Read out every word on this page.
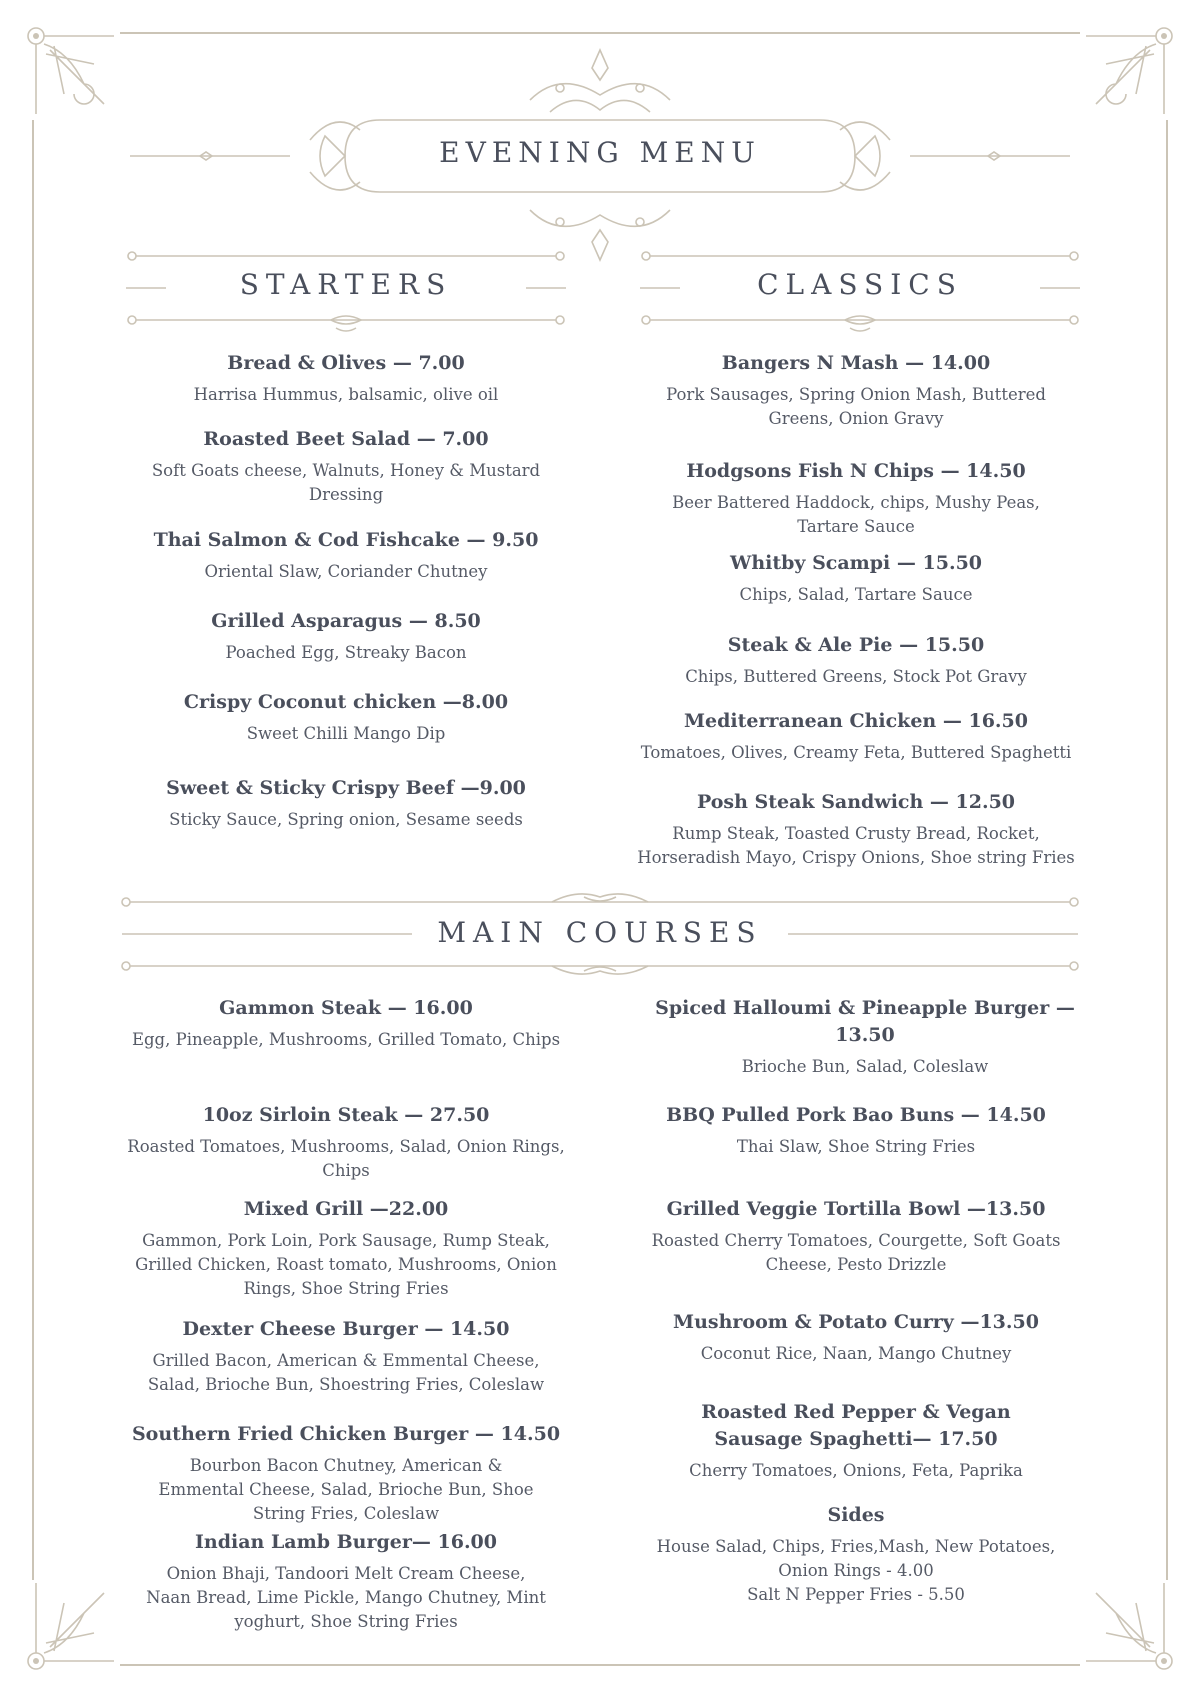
EVENING MENU
STARTERS	CLASSICS

Bread & Olives — 7.00

Harrisa Hummus, balsamic, olive oil

Roasted Beet Salad — 7.00

Soft Goats cheese, Walnuts, Honey & Mustard Dressing

Thai Salmon & Cod Fishcake — 9.50

Oriental Slaw, Coriander Chutney

Grilled Asparagus — 8.50

Poached Egg, Streaky Bacon

Crispy Coconut chicken —8.00

Sweet Chilli Mango Dip

Sweet & Sticky Crispy Beef —9.00

Sticky Sauce, Spring onion, Sesame seeds

Bangers N Mash — 14.00

Pork Sausages, Spring Onion Mash, Buttered Greens, Onion Gravy

Hodgsons Fish N Chips — 14.50

Beer Battered Haddock, chips, Mushy Peas, Tartare Sauce

Whitby Scampi — 15.50

Chips, Salad, Tartare Sauce

Steak & Ale Pie — 15.50

Chips, Buttered Greens, Stock Pot Gravy

Mediterranean Chicken — 16.50

Tomatoes, Olives, Creamy Feta, Buttered Spaghetti

Posh Steak Sandwich — 12.50

Rump Steak, Toasted Crusty Bread, Rocket, Horseradish Mayo, Crispy Onions, Shoe string Fries

MAIN COURSES

Gammon Steak — 16.00

Egg, Pineapple, Mushrooms, Grilled Tomato, Chips

10oz Sirloin Steak — 27.50

Roasted Tomatoes, Mushrooms, Salad, Onion Rings, Chips

Mixed Grill —22.00

Gammon, Pork Loin, Pork Sausage, Rump Steak, Grilled Chicken, Roast tomato, Mushrooms, Onion Rings, Shoe String Fries

Dexter Cheese Burger — 14.50

Grilled Bacon, American & Emmental Cheese, Salad, Brioche Bun, Shoestring Fries, Coleslaw

Southern Fried Chicken Burger — 14.50

Bourbon Bacon Chutney, American & Emmental Cheese, Salad, Brioche Bun, Shoe String Fries, Coleslaw

Indian Lamb Burger— 16.00

Onion Bhaji, Tandoori Melt Cream Cheese, Naan Bread, Lime Pickle, Mango Chutney, Mint yoghurt, Shoe String Fries

Spiced Halloumi & Pineapple Burger — 13.50

Brioche Bun, Salad, Coleslaw

BBQ Pulled Pork Bao Buns — 14.50

Thai Slaw, Shoe String Fries

Grilled Veggie Tortilla Bowl —13.50

Roasted Cherry Tomatoes, Courgette, Soft Goats Cheese, Pesto Drizzle

Mushroom & Potato Curry —13.50

Coconut Rice, Naan, Mango Chutney

Roasted Red Pepper & Vegan Sausage Spaghetti— 17.50

Cherry Tomatoes, Onions, Feta, Paprika

Sides

House Salad, Chips, Fries,Mash, New Potatoes,

Onion Rings - 4.00

Salt N Pepper Fries - 5.50
